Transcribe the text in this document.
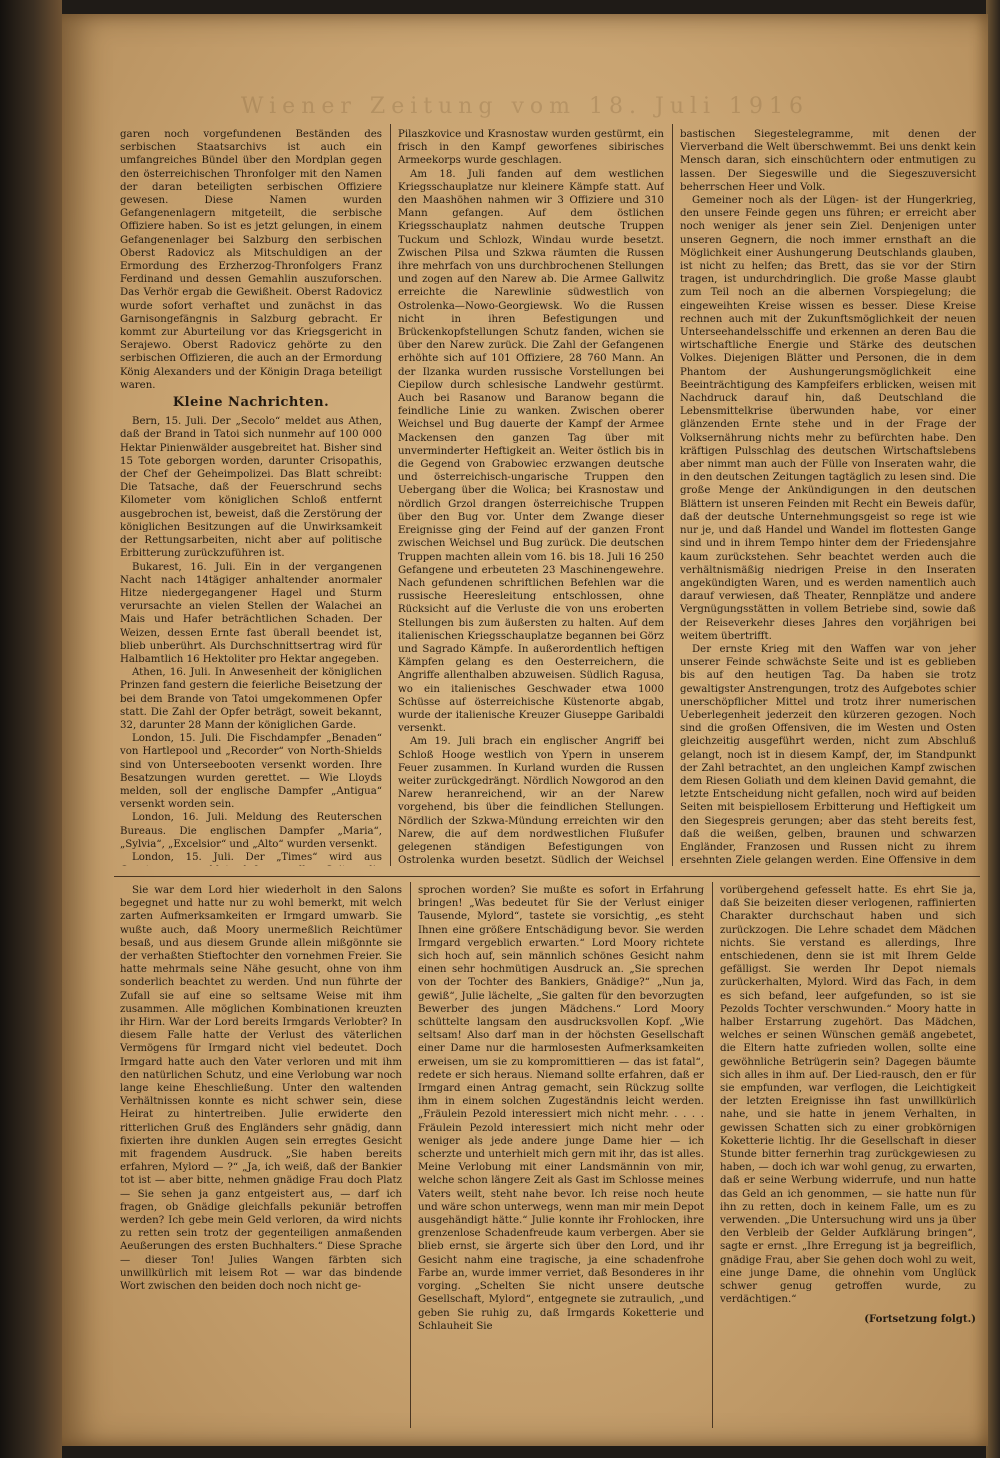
Wiener Zeitung vom 18. Juli 1916

garen noch vorgefundenen Beständen des serbischen Staatsarchivs ist auch ein umfangreiches Bündel über den Mordplan gegen den österreichischen Thronfolger mit den Namen der daran beteiligten serbischen Offiziere gewesen. Diese Namen wurden Gefangenenlagern mitgeteilt, die serbische Offiziere haben. So ist es jetzt gelungen, in einem Gefangenenlager bei Salzburg den serbischen Oberst Radovicz als Mitschuldigen an der Ermordung des Erzherzog-Thronfolgers Franz Ferdinand und dessen Gemahlin auszuforschen. Das Verhör ergab die Gewißheit. Oberst Radovicz wurde sofort verhaftet und zunächst in das Garnisongefängnis in Salzburg gebracht. Er kommt zur Aburteilung vor das Kriegsgericht in Serajewo. Oberst Radovicz gehörte zu den serbischen Offizieren, die auch an der Ermordung König Alexanders und der Königin Draga beteiligt waren.

Kleine Nachrichten.

Bern, 15. Juli. Der „Secolo“ meldet aus Athen, daß der Brand in Tatoi sich nunmehr auf 100 000 Hektar Pinienwälder ausgebreitet hat. Bisher sind 15 Tote geborgen worden, darunter Crisopathis, der Chef der Geheimpolizei. Das Blatt schreibt: Die Tatsache, daß der Feuerschrund sechs Kilometer vom königlichen Schloß entfernt ausgebrochen ist, beweist, daß die Zerstörung der königlichen Besitzungen auf die Unwirksamkeit der Rettungsarbeiten, nicht aber auf politische Erbitterung zurückzuführen ist.

Bukarest, 16. Juli. Ein in der vergangenen Nacht nach 14tägiger anhaltender anormaler Hitze niedergegangener Hagel und Sturm verursachte an vielen Stellen der Walachei an Mais und Hafer beträchtlichen Schaden. Der Weizen, dessen Ernte fast überall beendet ist, blieb unberührt. Als Durchschnittsertrag wird für Halbamtlich 16 Hektoliter pro Hektar angegeben.

Athen, 16. Juli. In Anwesenheit der königlichen Prinzen fand gestern die feierliche Beisetzung der bei dem Brande von Tatoi umgekommenen Opfer statt. Die Zahl der Opfer beträgt, soweit bekannt, 32, darunter 28 Mann der königlichen Garde.

London, 15. Juli. Die Fischdampfer „Benaden“ von Hartlepool und „Recorder“ von North-Shields sind von Unterseebooten versenkt worden. Ihre Besatzungen wurden gerettet. — Wie Lloyds melden, soll der englische Dampfer „Antigua“ versenkt worden sein.

London, 16. Juli. Meldung des Reuterschen Bureaus. Die englischen Dampfer „Maria“, „Sylvia“, „Excelsior“ und „Alto“ wurden versenkt.

London, 15. Juli. Der „Times“ wird aus

Pilaszkovice und Krasnostaw wurden gestürmt, ein frisch in den Kampf geworfenes sibirisches Armeekorps wurde geschlagen.

Am 18. Juli fanden auf dem westlichen Kriegsschauplatze nur kleinere Kämpfe statt. Auf den Maashöhen nahmen wir 3 Offiziere und 310 Mann gefangen. Auf dem östlichen Kriegsschauplatz nahmen deutsche Truppen Tuckum und Schlozk, Windau wurde besetzt. Zwischen Pilsa und Szkwa räumten die Russen ihre mehrfach von uns durchbrochenen Stellungen und zogen auf den Narew ab. Die Armee Gallwitz erreichte die Narewlinie südwestlich von Ostrolenka—Nowo-Georgiewsk. Wo die Russen nicht in ihren Befestigungen und Brückenkopfstellungen Schutz fanden, wichen sie über den Narew zurück. Die Zahl der Gefangenen erhöhte sich auf 101 Offiziere, 28 760 Mann. An der Ilzanka wurden russische Vorstellungen bei Ciepilow durch schlesische Landwehr gestürmt. Auch bei Rasanow und Baranow begann die feindliche Linie zu wanken. Zwischen oberer Weichsel und Bug dauerte der Kampf der Armee Mackensen den ganzen Tag über mit unverminderter Heftigkeit an. Weiter östlich bis in die Gegend von Grabowiec erzwangen deutsche und österreichisch-ungarische Truppen den Uebergang über die Wolica; bei Krasnostaw und nördlich Grzol drangen österreichische Truppen über den Bug vor. Unter dem Zwange dieser Ereignisse ging der Feind auf der ganzen Front zwischen Weichsel und Bug zurück. Die deutschen Truppen machten allein vom 16. bis 18. Juli 16 250 Gefangene und erbeuteten 23 Maschinengewehre. Nach gefundenen schriftlichen Befehlen war die russische Heeresleitung entschlossen, ohne Rücksicht auf die Verluste die von uns eroberten Stellungen bis zum äußersten zu halten. Auf dem italienischen Kriegsschauplatze begannen bei Görz und Sagrado Kämpfe. In außerordentlich heftigen Kämpfen gelang es den Oesterreichern, die Angriffe allenthalben abzuweisen. Südlich Ragusa, wo ein italienisches Geschwader etwa 1000 Schüsse auf österreichische Küstenorte abgab, wurde der italienische Kreuzer Giuseppe Garibaldi versenkt.

Am 19. Juli brach ein englischer Angriff bei Schloß Hooge westlich von Ypern in unserem Feuer zusammen. In Kurland wurden die Russen weiter zurückgedrängt. Nördlich Nowgorod an den Narew heranreichend, wir an der Narew vorgehend, bis über die feindlichen Stellungen. Nördlich der Szkwa-Mündung erreichten wir den Narew, die auf dem nordwestlichen Flußufer gelegenen ständigen Befestigungen von Ostrolenka wurden besetzt. Südlich der Weichsel

bastischen Siegestelegramme, mit denen der Vierverband die Welt überschwemmt. Bei uns denkt kein Mensch daran, sich einschüchtern oder entmutigen zu lassen. Der Siegeswille und die Siegeszuversicht beherrschen Heer und Volk.

Gemeiner noch als der Lügen- ist der Hungerkrieg, den unsere Feinde gegen uns führen; er erreicht aber noch weniger als jener sein Ziel. Denjenigen unter unseren Gegnern, die noch immer ernsthaft an die Möglichkeit einer Aushungerung Deutschlands glauben, ist nicht zu helfen; das Brett, das sie vor der Stirn tragen, ist undurchdringlich. Die große Masse glaubt zum Teil noch an die albernen Vorspiegelung; die eingeweihten Kreise wissen es besser. Diese Kreise rechnen auch mit der Zukunftsmöglichkeit der neuen Unterseehandelsschiffe und erkennen an deren Bau die wirtschaftliche Energie und Stärke des deutschen Volkes. Diejenigen Blätter und Personen, die in dem Phantom der Aushungerungsmöglichkeit eine Beeinträchtigung des Kampfeifers erblicken, weisen mit Nachdruck darauf hin, daß Deutschland die Lebensmittelkrise überwunden habe, vor einer glänzenden Ernte stehe und in der Frage der Volksernährung nichts mehr zu befürchten habe. Den kräftigen Pulsschlag des deutschen Wirtschaftslebens aber nimmt man auch der Fülle von Inseraten wahr, die in den deutschen Zeitungen tagtäglich zu lesen sind. Die große Menge der Ankündigungen in den deutschen Blättern ist unseren Feinden mit Recht ein Beweis dafür, daß der deutsche Unternehmungsgeist so rege ist wie nur je, und daß Handel und Wandel im flottesten Gange sind und in ihrem Tempo hinter dem der Friedensjahre kaum zurückstehen. Sehr beachtet werden auch die verhältnismäßig niedrigen Preise in den Inseraten angekündigten Waren, und es werden namentlich auch darauf verwiesen, daß Theater, Rennplätze und andere Vergnügungsstätten in vollem Betriebe sind, sowie daß der Reiseverkehr dieses Jahres den vorjährigen bei weitem übertrifft.

Der ernste Krieg mit den Waffen war von jeher unserer Feinde schwächste Seite und ist es geblieben bis auf den heutigen Tag. Da haben sie trotz gewaltigster Anstrengungen, trotz des Aufgebotes schier unerschöpflicher Mittel und trotz ihrer numerischen Ueberlegenheit jederzeit den kürzeren gezogen. Noch sind die großen Offensiven, die im Westen und Osten gleichzeitig ausgeführt werden, nicht zum Abschluß gelangt, noch ist in diesem Kampf, der, im Standpunkt der Zahl betrachtet, an den ungleichen Kampf zwischen dem Riesen Goliath und dem kleinen David gemahnt, die letzte Entscheidung nicht gefallen, noch wird auf beiden Seiten mit beispiellosem Erbitterung und Heftigkeit um den Siegespreis gerungen; aber das steht bereits fest, daß die weißen, gelben, braunen und schwarzen Engländer, Franzosen und Russen nicht zu ihrem ersehnten Ziele gelangen werden. Eine Offensive in dem

Sie war dem Lord hier wiederholt in den Salons begegnet und hatte nur zu wohl bemerkt, mit welch zarten Aufmerksamkeiten er Irmgard umwarb. Sie wußte auch, daß Moory unermeßlich Reichtümer besaß, und aus diesem Grunde allein mißgönnte sie der verhaßten Stieftochter den vornehmen Freier. Sie hatte mehrmals seine Nähe gesucht, ohne von ihm sonderlich beachtet zu werden. Und nun führte der Zufall sie auf eine so seltsame Weise mit ihm zusammen. Alle möglichen Kombinationen kreuzten ihr Hirn. War der Lord bereits Irmgards Verlobter? In diesem Falle hatte der Verlust des väterlichen Vermögens für Irmgard nicht viel bedeutet. Doch Irmgard hatte auch den Vater verloren und mit ihm den natürlichen Schutz, und eine Verlobung war noch lange keine Eheschließung. Unter den waltenden Verhältnissen konnte es nicht schwer sein, diese Heirat zu hintertreiben. Julie erwiderte den ritterlichen Gruß des Engländers sehr gnädig, dann fixierten ihre dunklen Augen sein erregtes Gesicht mit fragendem Ausdruck. „Sie haben bereits erfahren, Mylord — ?“ „Ja, ich weiß, daß der Bankier tot ist — aber bitte, nehmen gnädige Frau doch Platz — Sie sehen ja ganz entgeistert aus, — darf ich fragen, ob Gnädige gleichfalls pekuniär betroffen werden? Ich gebe mein Geld verloren, da wird nichts zu retten sein trotz der gegenteiligen anmaßenden Aeußerungen des ersten Buchhalters.“ Diese Sprache — dieser Ton! Julies Wangen färbten sich unwillkürlich mit leisem Rot — war das bindende Wort zwischen den beiden doch noch nicht ge-

sprochen worden? Sie mußte es sofort in Erfahrung bringen! „Was bedeutet für Sie der Verlust einiger Tausende, Mylord“, tastete sie vorsichtig, „es steht Ihnen eine größere Entschädigung bevor. Sie werden Irmgard vergeblich erwarten.“ Lord Moory richtete sich hoch auf, sein männlich schönes Gesicht nahm einen sehr hochmütigen Ausdruck an. „Sie sprechen von der Tochter des Bankiers, Gnädige?“ „Nun ja, gewiß“, Julie lächelte, „Sie galten für den bevorzugten Bewerber des jungen Mädchens.“ Lord Moory schüttelte langsam den ausdrucksvollen Kopf. „Wie seltsam! Also darf man in der höchsten Gesellschaft einer Dame nur die harmlosesten Aufmerksamkeiten erweisen, um sie zu kompromittieren — das ist fatal“, redete er sich heraus. Niemand sollte erfahren, daß er Irmgard einen Antrag gemacht, sein Rückzug sollte ihm in einem solchen Zugeständnis leicht werden. „Fräulein Pezold interessiert mich nicht mehr. . . . . Fräulein Pezold interessiert mich nicht mehr oder weniger als jede andere junge Dame hier — ich scherzte und unterhielt mich gern mit ihr, das ist alles. Meine Verlobung mit einer Landsmännin von mir, welche schon längere Zeit als Gast im Schlosse meines Vaters weilt, steht nahe bevor. Ich reise noch heute und wäre schon unterwegs, wenn man mir mein Depot ausgehändigt hätte.“ Julie konnte ihr Frohlocken, ihre grenzenlose Schadenfreude kaum verbergen. Aber sie blieb ernst, sie ärgerte sich über den Lord, und ihr Gesicht nahm eine tragische, ja eine schadenfrohe Farbe an, wurde immer verriet, daß Besonderes in ihr vorging. „Schelten Sie nicht unsere deutsche Gesellschaft, Mylord“, entgegnete sie zutraulich, „und geben Sie ruhig zu, daß Irmgards Koketterie und Schlauheit Sie

vorübergehend gefesselt hatte. Es ehrt Sie ja, daß Sie beizeiten dieser verlogenen, raffinierten Charakter durchschaut haben und sich zurückzogen. Die Lehre schadet dem Mädchen nichts. Sie verstand es allerdings, Ihre entschiedenen, denn sie ist mit Ihrem Gelde gefälligst. Sie werden Ihr Depot niemals zurückerhalten, Mylord. Wird das Fach, in dem es sich befand, leer aufgefunden, so ist sie Pezolds Tochter verschwunden.“ Moory hatte in halber Erstarrung zugehört. Das Mädchen, welches er seinen Wünschen gemäß angebetet, die Eltern hatte zufrieden wollen, sollte eine gewöhnliche Betrügerin sein? Dagegen bäumte sich alles in ihm auf. Der Lied-rausch, den er für sie empfunden, war verflogen, die Leichtigkeit der letzten Ereignisse ihn fast unwillkürlich nahe, und sie hatte in jenem Verhalten, in gewissen Schatten sich zu einer grobkörnigen Koketterie lichtig. Ihr die Gesellschaft in dieser Stunde bitter fernerhin trag zurückgewiesen zu haben, — doch ich war wohl genug, zu erwarten, daß er seine Werbung widerrufe, und nun hatte das Geld an ich genommen, — sie hatte nun für ihn zu retten, doch in keinem Falle, um es zu verwenden. „Die Untersuchung wird uns ja über den Verbleib der Gelder Aufklärung bringen“, sagte er ernst. „Ihre Erregung ist ja begreiflich, gnädige Frau, aber Sie gehen doch wohl zu weit, eine junge Dame, die ohnehin vom Unglück schwer genug getroffen wurde, zu verdächtigen.“

(Fortsetzung folgt.)
